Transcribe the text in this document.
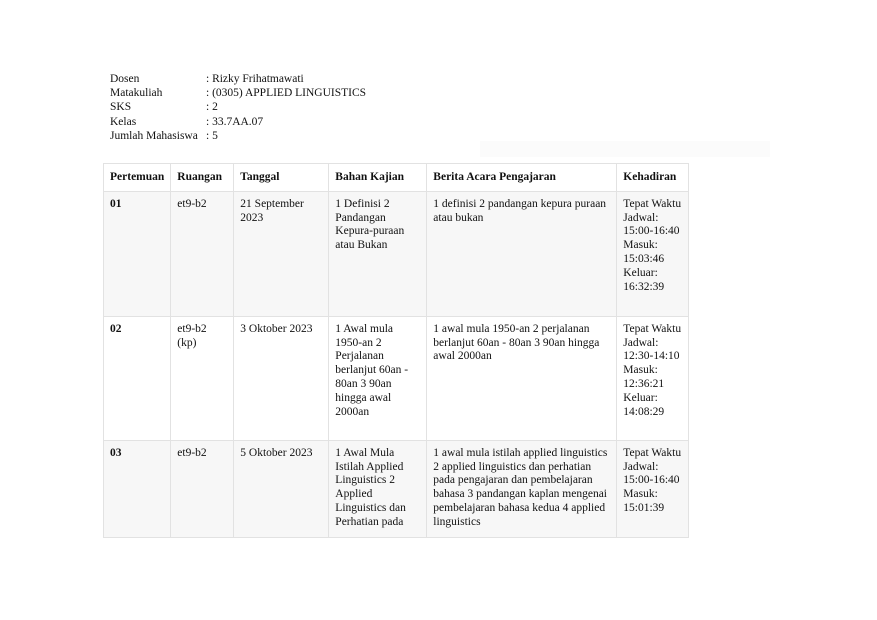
Dosen	: Rizky Frihatmawati
Matakuliah	: (0305) APPLIED LINGUISTICS
SKS	: 2
Kelas	: 33.7AA.07
Jumlah Mahasiswa : 5
Pertemuan	Ruangan	Tanggal	Bahan Kajian	Berita Acara Pengajaran	Kehadiran
01	et9-b2	21 September 2023	1 Definisi 2 Pandangan Kepura-puraan atau Bukan	1 definisi 2 pandangan kepura puraan atau bukan	Tepat Waktu Jadwal: 15:00-16:40 Masuk: 15:03:46 Keluar: 16:32:39
02	et9-b2 (kp)	3 Oktober 2023	1 Awal mula 1950-an 2 Perjalanan berlanjut 60an - 80an 3 90an hingga awal 2000an	1 awal mula 1950-an 2 perjalanan berlanjut 60an - 80an 3 90an hingga awal 2000an	Tepat Waktu Jadwal: 12:30-14:10 Masuk: 12:36:21 Keluar: 14:08:29
03	et9-b2	5 Oktober 2023	1 Awal Mula Istilah Applied Linguistics 2 Applied Linguistics dan Perhatian pada	1 awal mula istilah applied linguistics 2 applied linguistics dan perhatian pada pengajaran dan pembelajaran bahasa 3 pandangan kaplan mengenai pembelajaran bahasa kedua 4 applied linguistics	Tepat Waktu Jadwal: 15:00-16:40 Masuk: 15:01:39
